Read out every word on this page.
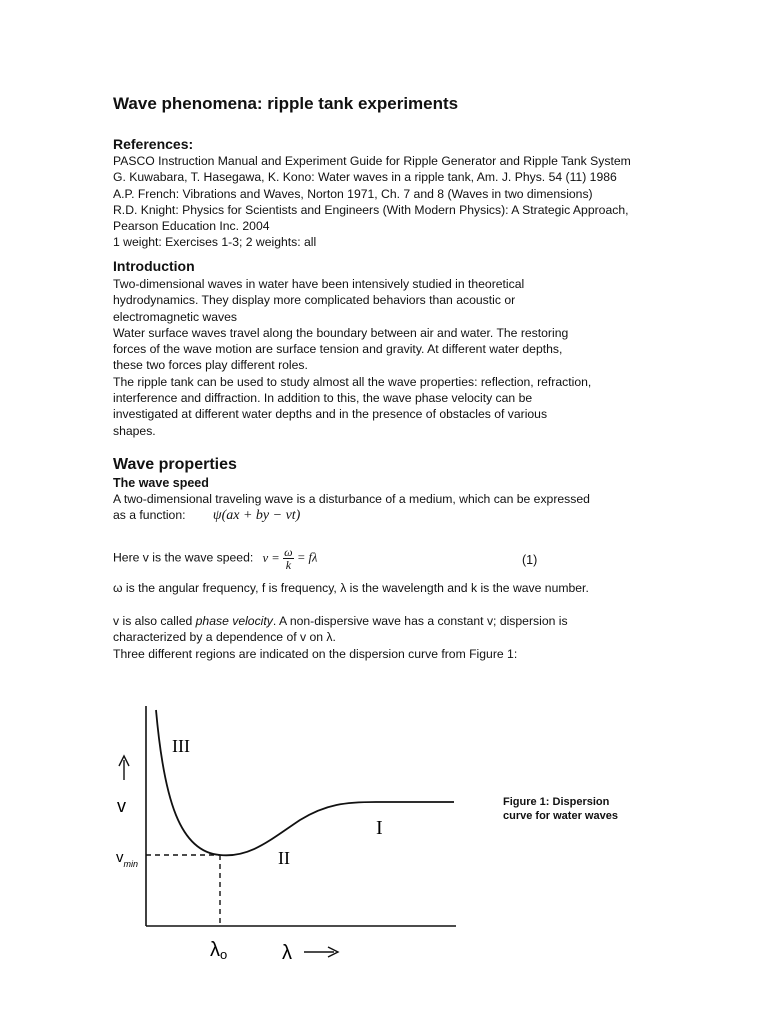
Wave phenomena: ripple tank experiments
References:
PASCO Instruction Manual and Experiment Guide for Ripple Generator and Ripple Tank System
G. Kuwabara, T. Hasegawa, K. Kono: Water waves in a ripple tank, Am. J. Phys. 54 (11) 1986
A.P. French: Vibrations and Waves, Norton 1971, Ch. 7 and 8 (Waves in two dimensions)
R.D. Knight: Physics for Scientists and Engineers (With Modern Physics): A Strategic Approach,
Pearson Education Inc. 2004
1 weight: Exercises 1-3; 2 weights: all
Introduction
Two-dimensional waves in water have been intensively studied in theoretical
hydrodynamics. They display more complicated behaviors than acoustic or
electromagnetic waves
Water surface waves travel along the boundary between air and water. The restoring
forces of the wave motion are surface tension and gravity. At different water depths,
these two forces play different roles.
The ripple tank can be used to study almost all the wave properties: reflection, refraction,
interference and diffraction. In addition to this, the wave phase velocity can be
investigated at different water depths and in the presence of obstacles of various
shapes.
Wave properties
The wave speed
A two-dimensional traveling wave is a disturbance of a medium, which can be expressed
as a function: ψ(ax + by − vt)
Here v is the wave speed: $v = \frac{\omega}{k} = f\lambda$	(1)
ω is the angular frequency, f is frequency, λ is the wavelength and k is the wave number.
v is also called phase velocity. A non-dispersive wave has a constant v; dispersion is
characterized by a dependence of v on λ.
Three different regions are indicated on the dispersion curve from Figure 1:
III
II
I
v
$v_{min}$
λo	λ
Figure 1: Dispersion
curve for water waves
